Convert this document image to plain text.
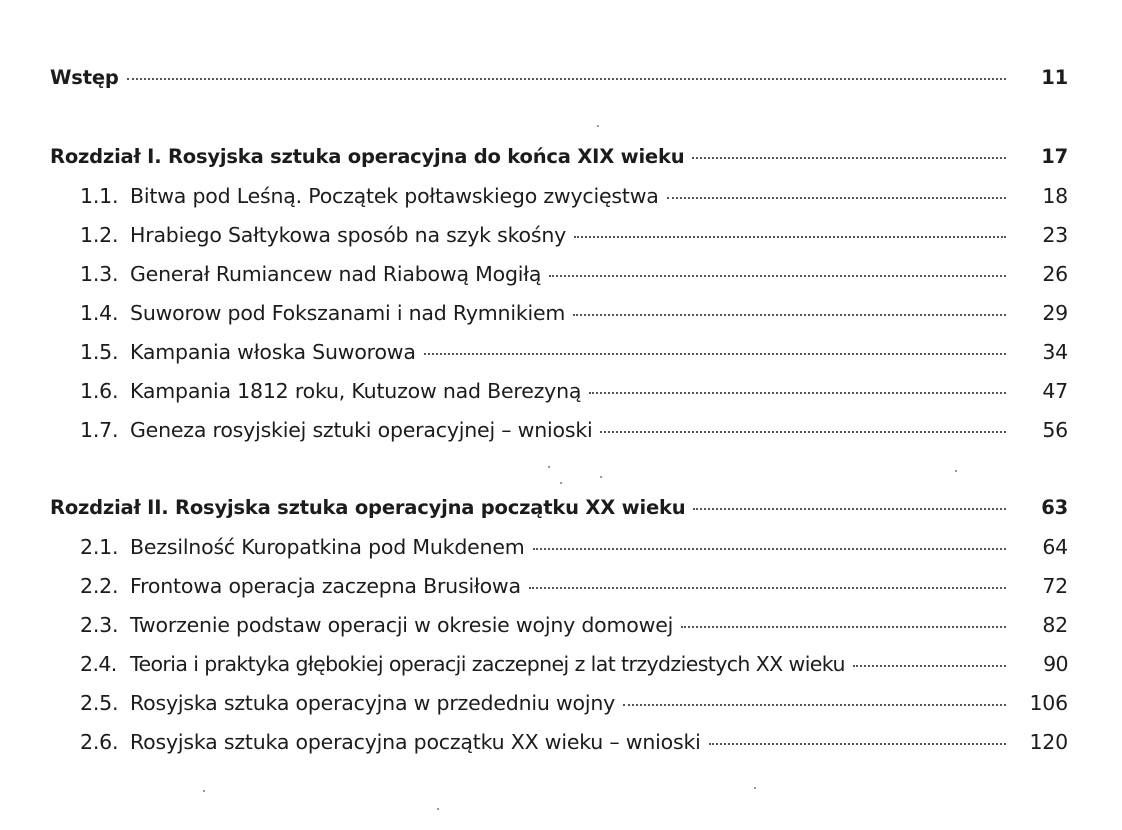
Wstęp	11
Rozdział I. Rosyjska sztuka operacyjna do końca XIX wieku	17
1.1. Bitwa pod Leśną. Początek połtawskiego zwycięstwa	18
1.2. Hrabiego Sałtykowa sposób na szyk skośny	23
1.3. Generał Rumiancew nad Riabową Mogiłą	26
1.4. Suworow pod Fokszanami i nad Rymnikiem	29
1.5. Kampania włoska Suworowa	34
1.6. Kampania 1812 roku, Kutuzow nad Berezyną	47
1.7. Geneza rosyjskiej sztuki operacyjnej – wnioski	56
Rozdział II. Rosyjska sztuka operacyjna początku XX wieku	63
2.1. Bezsilność Kuropatkina pod Mukdenem	64
2.2. Frontowa operacja zaczepna Brusiłowa	72
2.3. Tworzenie podstaw operacji w okresie wojny domowej	82
2.4. Teoria i praktyka głębokiej operacji zaczepnej z lat trzydziestych XX wieku	90
2.5. Rosyjska sztuka operacyjna w przededniu wojny	106
2.6. Rosyjska sztuka operacyjna początku XX wieku – wnioski	120
